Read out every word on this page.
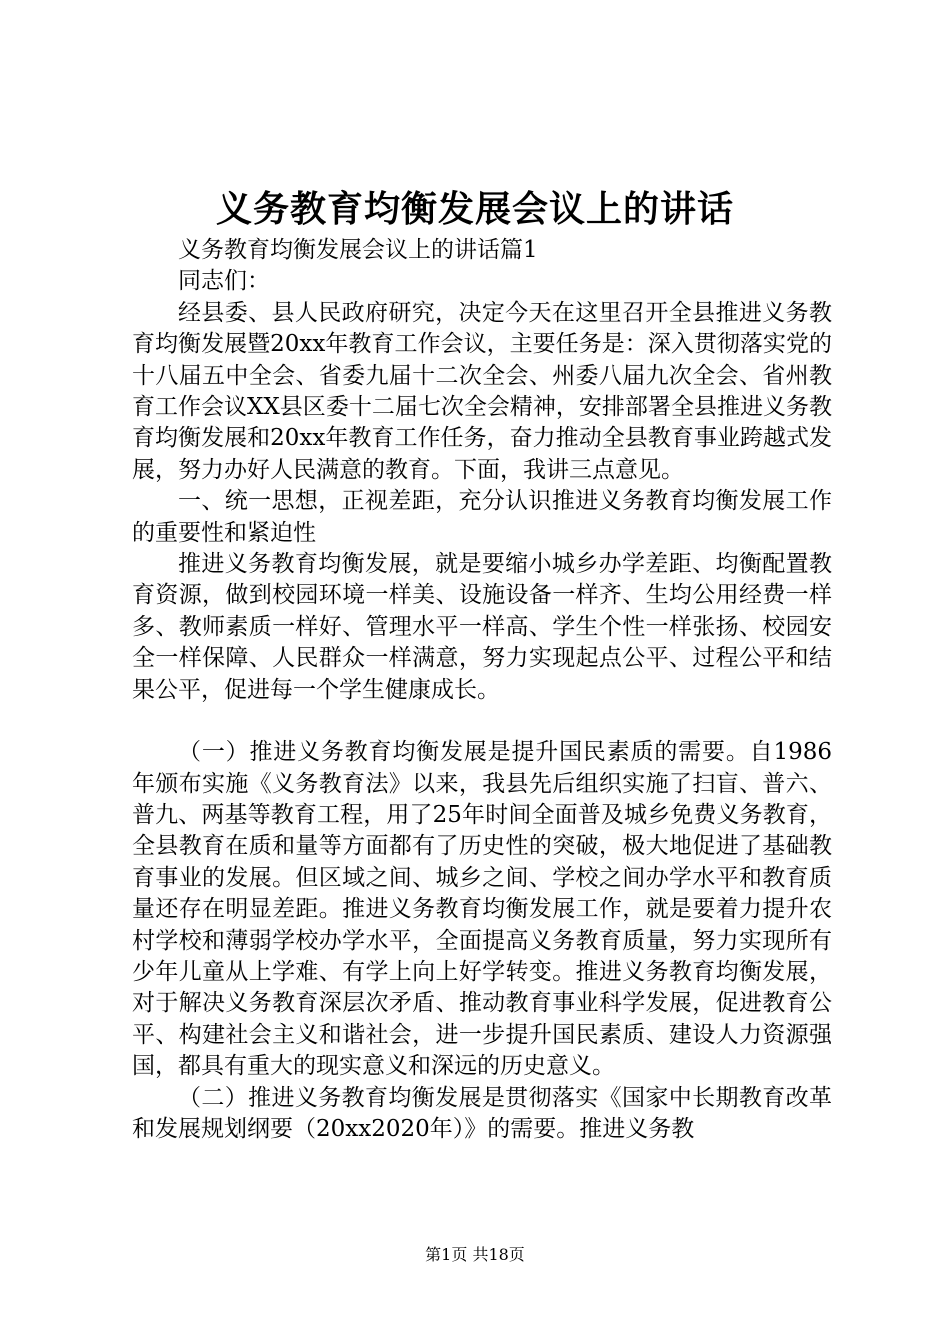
义务教育均衡发展会议上的讲话

义务教育均衡发展会议上的讲话篇1

同志们：

经县委、县人民政府研究，决定今天在这里召开全县推进义务教育均衡发展暨20xx年教育工作会议，主要任务是：深入贯彻落实党的十八届五中全会、省委九届十二次全会、州委八届九次全会、省州教育工作会议XX县区委十二届七次全会精神，安排部署全县推进义务教育均衡发展和20xx年教育工作任务，奋力推动全县教育事业跨越式发展，努力办好人民满意的教育。下面，我讲三点意见。

一、统一思想，正视差距，充分认识推进义务教育均衡发展工作的重要性和紧迫性

推进义务教育均衡发展，就是要缩小城乡办学差距、均衡配置教育资源，做到校园环境一样美、设施设备一样齐、生均公用经费一样多、教师素质一样好、管理水平一样高、学生个性一样张扬、校园安全一样保障、人民群众一样满意，努力实现起点公平、过程公平和结果公平，促进每一个学生健康成长。

（一）推进义务教育均衡发展是提升国民素质的需要。自1986年颁布实施《义务教育法》以来，我县先后组织实施了扫盲、普六、普九、两基等教育工程，用了25年时间全面普及城乡免费义务教育，全县教育在质和量等方面都有了历史性的突破，极大地促进了基础教育事业的发展。但区域之间、城乡之间、学校之间办学水平和教育质量还存在明显差距。推进义务教育均衡发展工作，就是要着力提升农村学校和薄弱学校办学水平，全面提高义务教育质量，努力实现所有少年儿童从上学难、有学上向上好学转变。推进义务教育均衡发展，对于解决义务教育深层次矛盾、推动教育事业科学发展，促进教育公平、构建社会主义和谐社会，进一步提升国民素质、建设人力资源强国，都具有重大的现实意义和深远的历史意义。

（二）推进义务教育均衡发展是贯彻落实《国家中长期教育改革和发展规划纲要（20xx2020年）》的需要。推进义务教

第1页 共18页
